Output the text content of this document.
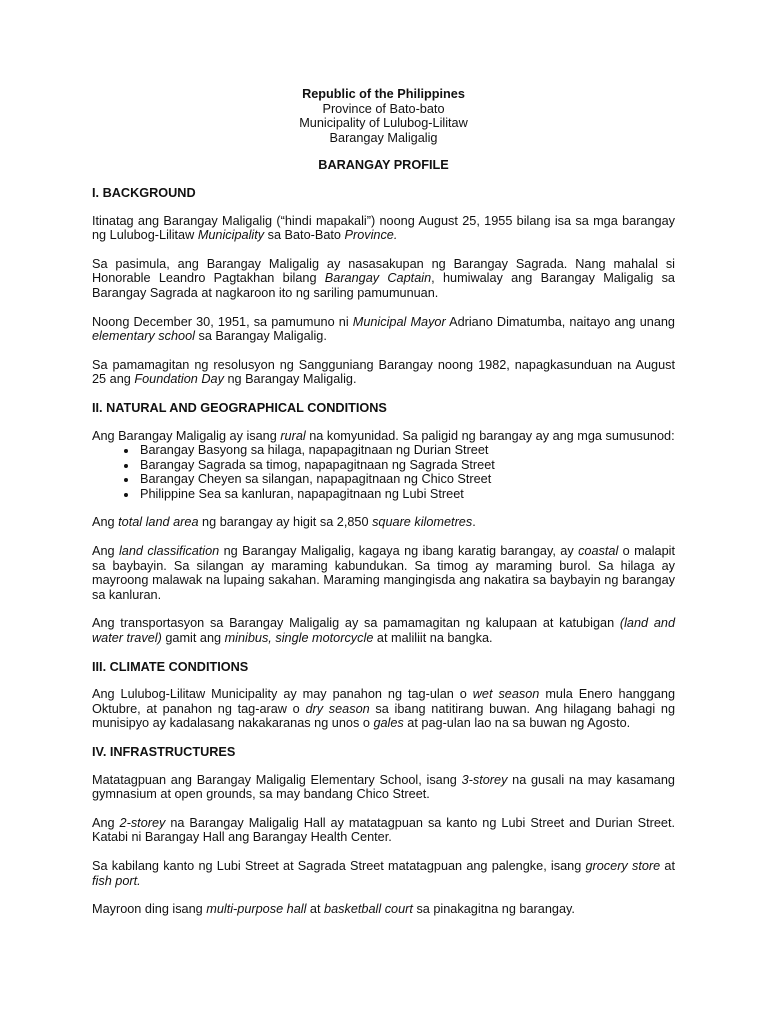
Republic of the Philippines
Province of Bato-bato
Municipality of Lulubog-Lilitaw
Barangay Maligalig
BARANGAY PROFILE
I. BACKGROUND

Itinatag ang Barangay Maligalig (“hindi mapakali”) noong August 25, 1955 bilang isa sa mga barangay ng Lulubog-Lilitaw Municipality sa Bato-Bato Province.

Sa pasimula, ang Barangay Maligalig ay nasasakupan ng Barangay Sagrada. Nang mahalal si Honorable Leandro Pagtakhan bilang Barangay Captain, humiwalay ang Barangay Maligalig sa Barangay Sagrada at nagkaroon ito ng sariling pamumunuan.

Noong December 30, 1951, sa pamumuno ni Municipal Mayor Adriano Dimatumba, naitayo ang unang elementary school sa Barangay Maligalig.

Sa pamamagitan ng resolusyon ng Sangguniang Barangay noong 1982, napagkasunduan na August 25 ang Foundation Day ng Barangay Maligalig.

II. NATURAL AND GEOGRAPHICAL CONDITIONS

Ang Barangay Maligalig ay isang rural na komyunidad. Sa paligid ng barangay ay ang mga sumusunod:

• Barangay Basyong sa hilaga, napapagitnaan ng Durian Street
• Barangay Sagrada sa timog, napapagitnaan ng Sagrada Street
• Barangay Cheyen sa silangan, napapagitnaan ng Chico Street
• Philippine Sea sa kanluran, napapagitnaan ng Lubi Street

Ang total land area ng barangay ay higit sa 2,850 square kilometres.

Ang land classification ng Barangay Maligalig, kagaya ng ibang karatig barangay, ay coastal o malapit sa baybayin. Sa silangan ay maraming kabundukan. Sa timog ay maraming burol. Sa hilaga ay mayroong malawak na lupaing sakahan. Maraming mangingisda ang nakatira sa baybayin ng barangay sa kanluran.

Ang transportasyon sa Barangay Maligalig ay sa pamamagitan ng kalupaan at katubigan (land and water travel) gamit ang minibus, single motorcycle at maliliit na bangka.

III. CLIMATE CONDITIONS

Ang Lulubog-Lilitaw Municipality ay may panahon ng tag-ulan o wet season mula Enero hanggang Oktubre, at panahon ng tag-araw o dry season sa ibang natitirang buwan. Ang hilagang bahagi ng munisipyo ay kadalasang nakakaranas ng unos o gales at pag-ulan lao na sa buwan ng Agosto.

IV. INFRASTRUCTURES

Matatagpuan ang Barangay Maligalig Elementary School, isang 3-storey na gusali na may kasamang gymnasium at open grounds, sa may bandang Chico Street.

Ang 2-storey na Barangay Maligalig Hall ay matatagpuan sa kanto ng Lubi Street and Durian Street. Katabi ni Barangay Hall ang Barangay Health Center.

Sa kabilang kanto ng Lubi Street at Sagrada Street matatagpuan ang palengke, isang grocery store at fish port.

Mayroon ding isang multi-purpose hall at basketball court sa pinakagitna ng barangay.
